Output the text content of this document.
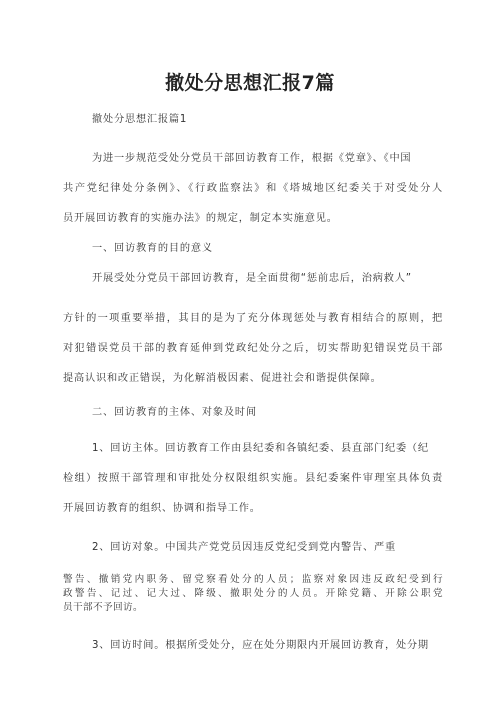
撤处分思想汇报7篇
撤处分思想汇报篇1
为进一步规范受处分党员干部回访教育工作，根据《党章》、《中国
共产党纪律处分条例》、《行政监察法》和《塔城地区纪委关于对受处分人
员开展回访教育的实施办法》的规定，制定本实施意见。
一、回访教育的目的意义
开展受处分党员干部回访教育，是全面贯彻“惩前忠后，治病救人”
方针的一项重要举措，其目的是为了充分体现惩处与教育相结合的原则，把
对犯错误党员干部的教育延伸到党政纪处分之后，切实帮助犯错误党员干部
提高认识和改正错误，为化解消极因素、促进社会和谐提供保障。
二、回访教育的主体、对象及时间
1、回访主体。回访教育工作由县纪委和各镇纪委、县直部门纪委（纪
检组）按照干部管理和审批处分权限组织实施。县纪委案件审理室具体负责
开展回访教育的组织、协调和指导工作。
2、回访对象。中国共产党党员因违反党纪受到党内警告、严重
警告、撤销党内职务、留党察看处分的人员；监察对象因违反政纪受到行
政警告、记过、记大过、降级、撤职处分的人员。开除党籍、开除公职党
员干部不予回访。
3、回访时间。根据所受处分，应在处分期限内开展回访教育，处分期
